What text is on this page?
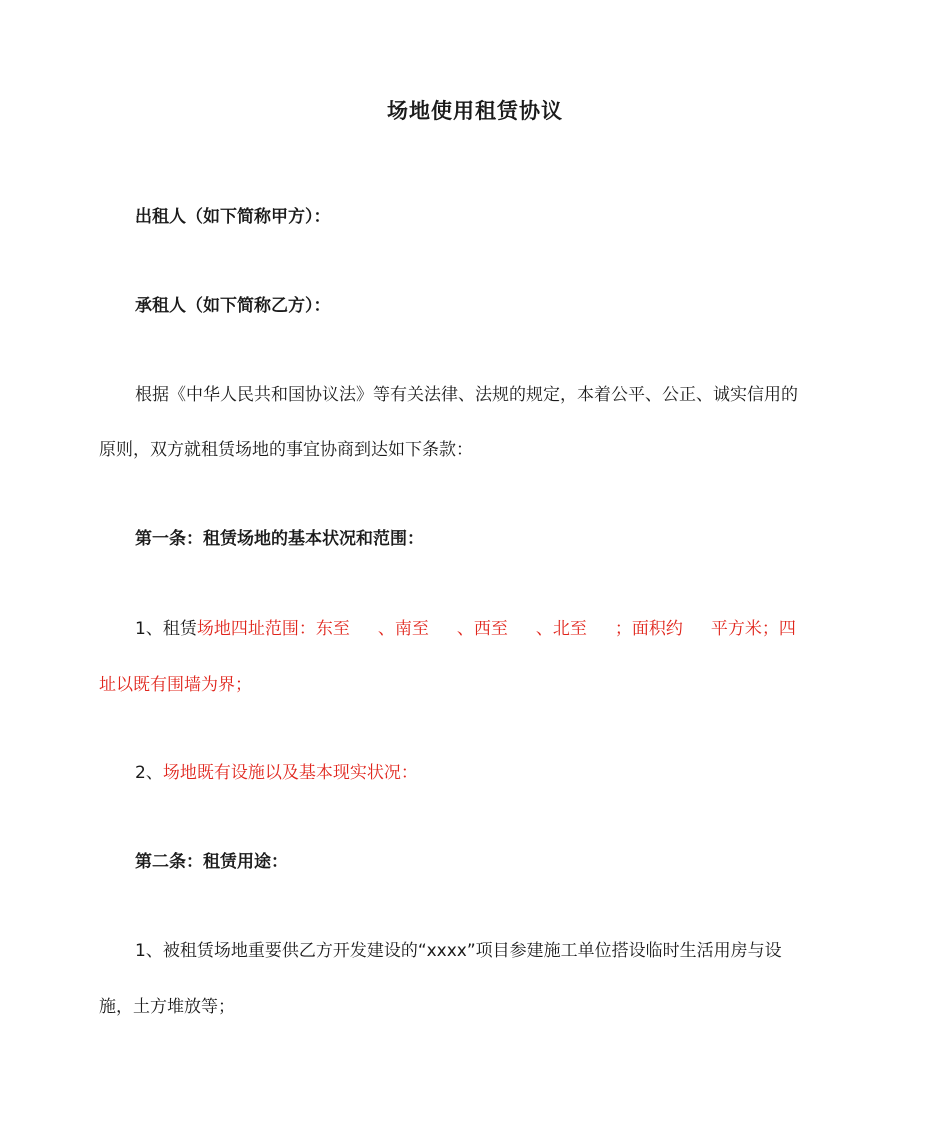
场地使用租赁协议

出租人（如下简称甲方）：

承租人（如下简称乙方）：

根据《中华人民共和国协议法》等有关法律、法规的规定，本着公平、公正、诚实信用的

原则，双方就租赁场地的事宜协商到达如下条款：

第一条：租赁场地的基本状况和范围：

1、租赁场地四址范围：东至 、南至 、西至 、北至 ；面积约 平方米；四

址以既有围墙为界；

2、场地既有设施以及基本现实状况：

第二条：租赁用途：

1、被租赁场地重要供乙方开发建设的“xxxx”项目参建施工单位搭设临时生活用房与设

施，土方堆放等；
